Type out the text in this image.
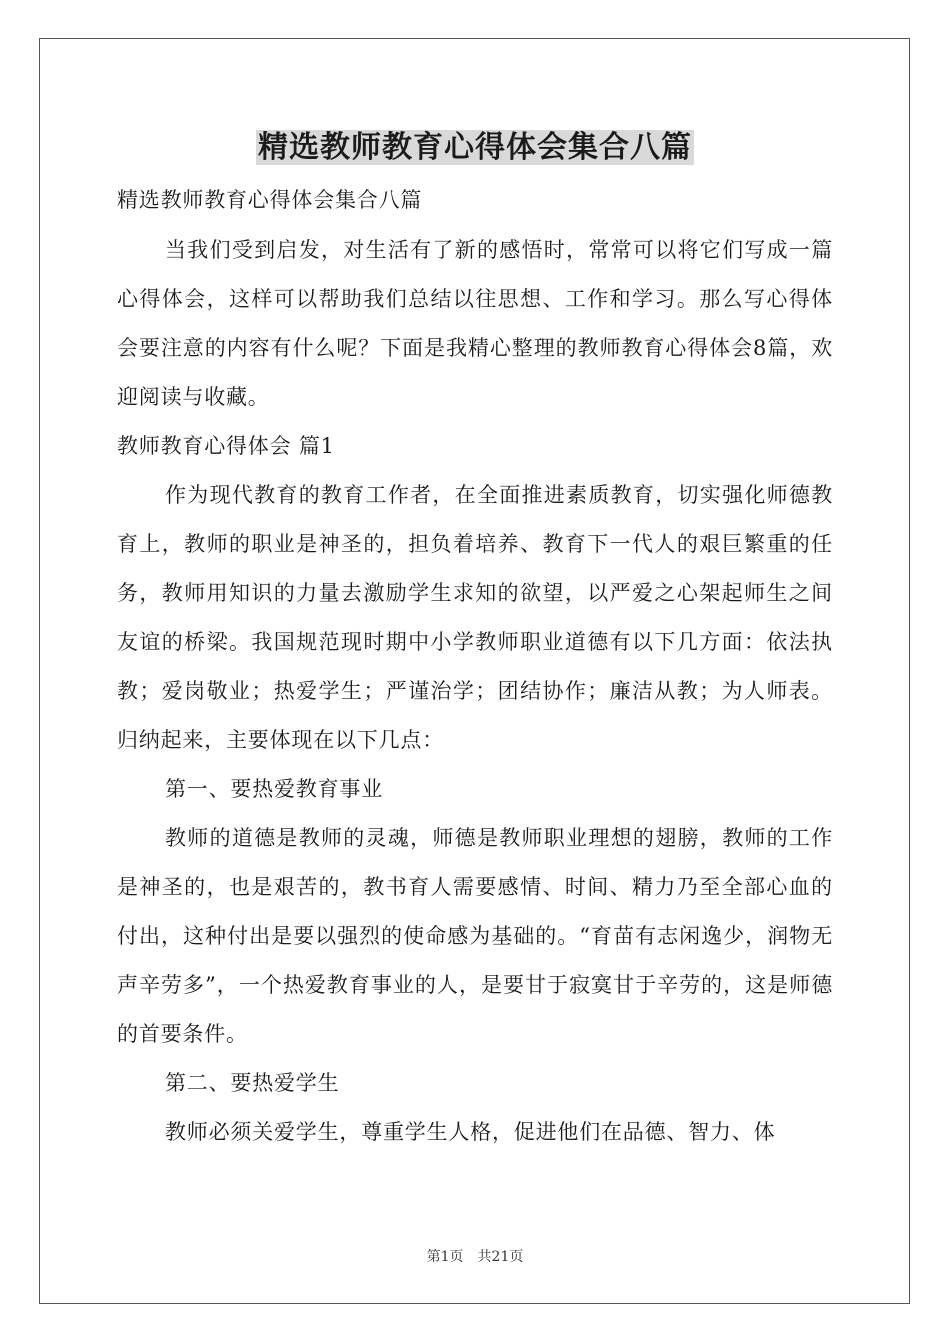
精选教师教育心得体会集合八篇

精选教师教育心得体会集合八篇

当我们受到启发，对生活有了新的感悟时，常常可以将它们写成一篇心得体会，这样可以帮助我们总结以往思想、工作和学习。那么写心得体会要注意的内容有什么呢？下面是我精心整理的教师教育心得体会8篇，欢迎阅读与收藏。

教师教育心得体会 篇1

作为现代教育的教育工作者，在全面推进素质教育，切实强化师德教育上，教师的职业是神圣的，担负着培养、教育下一代人的艰巨繁重的任务，教师用知识的力量去激励学生求知的欲望，以严爱之心架起师生之间友谊的桥梁。我国规范现时期中小学教师职业道德有以下几方面：依法执教；爱岗敬业；热爱学生；严谨治学；团结协作；廉洁从教；为人师表。归纳起来，主要体现在以下几点：

第一、要热爱教育事业

教师的道德是教师的灵魂，师德是教师职业理想的翅膀，教师的工作是神圣的，也是艰苦的，教书育人需要感情、时间、精力乃至全部心血的付出，这种付出是要以强烈的使命感为基础的。“育苗有志闲逸少，润物无声辛劳多”，一个热爱教育事业的人，是要甘于寂寞甘于辛劳的，这是师德的首要条件。

第二、要热爱学生

教师必须关爱学生，尊重学生人格，促进他们在品德、智力、体

第1页 共21页
